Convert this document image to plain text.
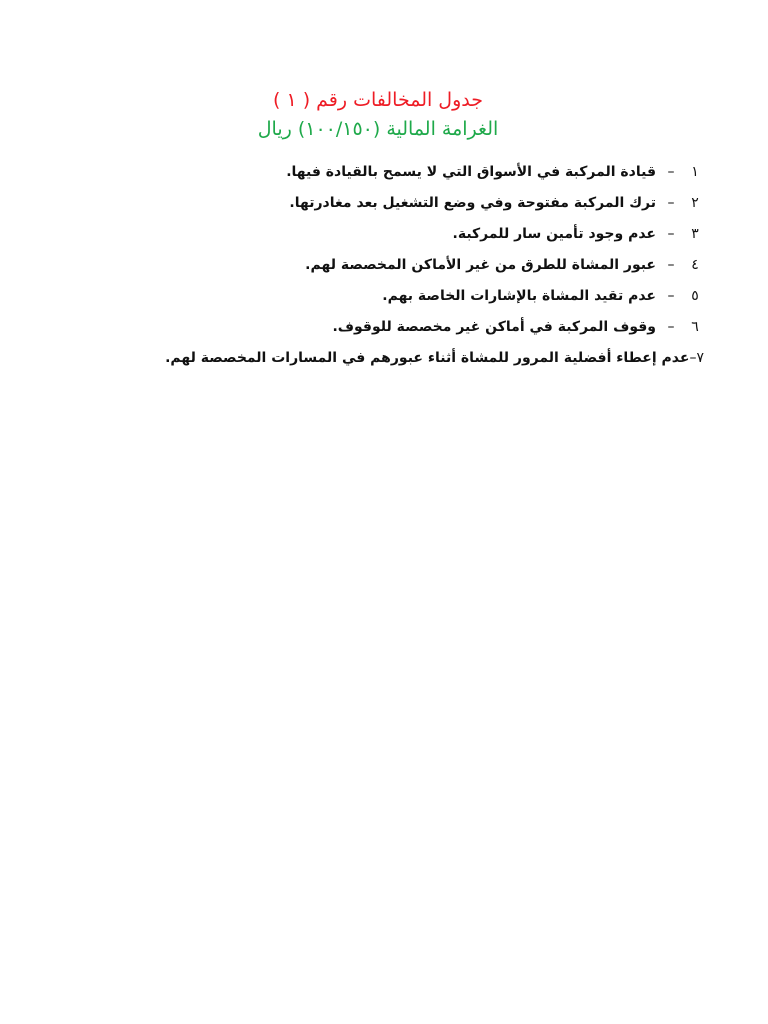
جدول المخالفات رقم ( ١ )
الغرامة المالية (١٠٠/١٥٠) ريال
١
–
قيادة المركبة في الأسواق التي لا يسمح بالقيادة فيها.
٢
–
ترك المركبة مفتوحة وفي وضع التشغيل بعد مغادرتها.
٣
–
عدم وجود تأمين سار للمركبة.
٤
–
عبور المشاة للطرق من غير الأماكن المخصصة لهم.
٥
–
عدم تقيد المشاة بالإشارات الخاصة بهم.
٦
–
وقوف المركبة في أماكن غير مخصصة للوقوف.
٧
–
عدم إعطاء أفضلية المرور للمشاة أثناء عبورهم في المسارات المخصصة لهم.
